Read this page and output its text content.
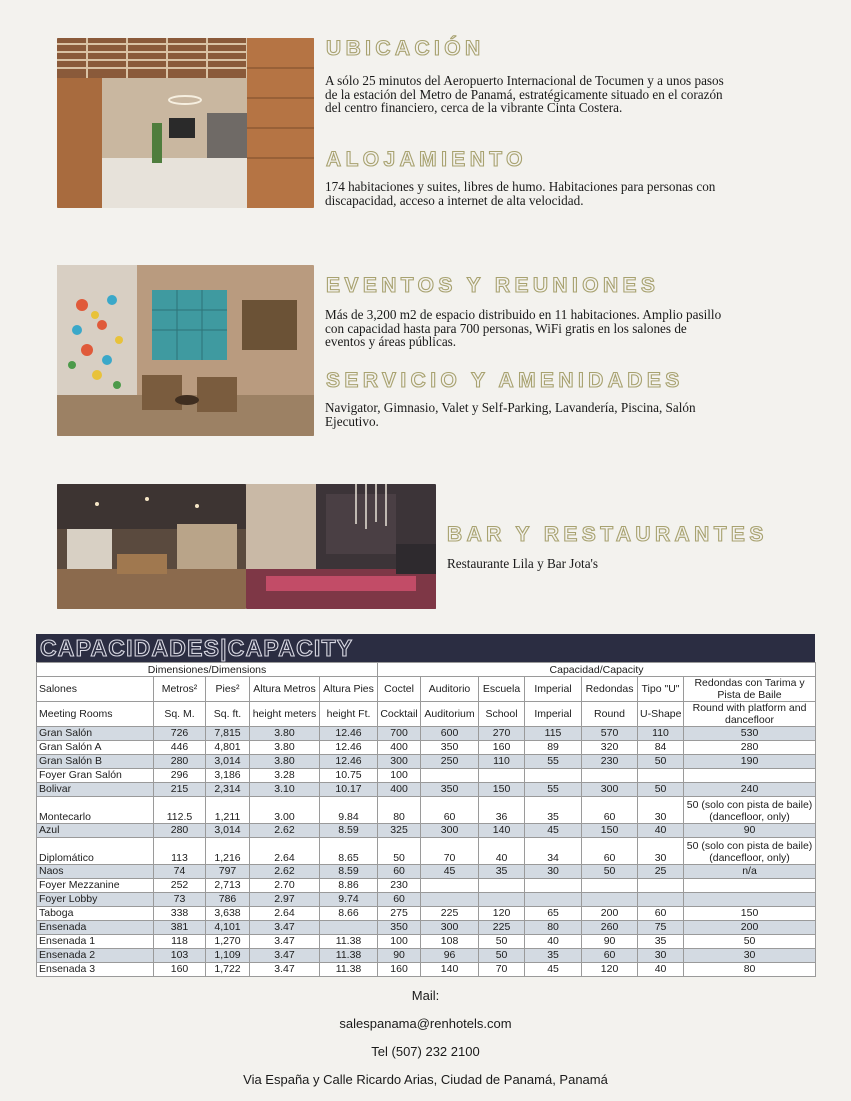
UBICACIÓN

A sólo 25 minutos del Aeropuerto Internacional de Tocumen y a unos pasos de la estación del Metro de Panamá, estratégicamente situado en el corazón del centro financiero, cerca de la vibrante Cinta Costera.

ALOJAMIENTO

174 habitaciones y suites, libres de humo. Habitaciones para personas con discapacidad, acceso a internet de alta velocidad.

EVENTOS Y REUNIONES

Más de 3,200 m2 de espacio distribuido en 11 habitaciones. Amplio pasillo con capacidad hasta para 700 personas, WiFi gratis en los salones de eventos y áreas públicas.

SERVICIO Y AMENIDADES

Navigator, Gimnasio, Valet y Self-Parking, Lavandería, Piscina, Salón Ejecutivo.

BAR Y RESTAURANTES

Restaurante Lila y Bar Jota's

CAPACIDADES|CAPACITY
Dimensiones/Dimensions					Capacidad/Capacity						
Salones	Metros²	Pies²	Altura Metros	Altura Pies	Coctel	Auditorio	Escuela	Imperial	Redondas	Tipo "U"	Redondas con Tarima y Pista de Baile
Meeting Rooms	Sq. M.	Sq. ft.	height meters	height Ft.	Cocktail	Auditorium	School	Imperial	Round	U-Shape	Round with platform and dancefloor
Gran Salón	726	7,815	3.80	12.46	700	600	270	115	570	110	530
Gran Salón A	446	4,801	3.80	12.46	400	350	160	89	320	84	280
Gran Salón B	280	3,014	3.80	12.46	300	250	110	55	230	50	190
Foyer Gran Salón	296	3,186	3.28	10.75	100						
Bolivar	215	2,314	3.10	10.17	400	350	150	55	300	50	240
Montecarlo	112.5	1,211	3.00	9.84	80	60	36	35	60	30	50 (solo con pista de baile)(dancefloor, only)
Azul	280	3,014	2.62	8.59	325	300	140	45	150	40	90
Diplomático	113	1,216	2.64	8.65	50	70	40	34	60	30	50 (solo con pista de baile)(dancefloor, only)
Naos	74	797	2.62	8.59	60	45	35	30	50	25	n/a
Foyer Mezzanine	252	2,713	2.70	8.86	230						
Foyer Lobby	73	786	2.97	9.74	60						
Taboga	338	3,638	2.64	8.66	275	225	120	65	200	60	150
Ensenada	381	4,101	3.47		350	300	225	80	260	75	200
Ensenada 1	118	1,270	3.47	11.38	100	108	50	40	90	35	50
Ensenada 2	103	1,109	3.47	11.38	90	96	50	35	60	30	30
Ensenada 3	160	1,722	3.47	11.38	160	140	70	45	120	40	80

Mail:

salespanama@renhotels.com

Tel (507) 232 2100

Via España y Calle Ricardo Arias, Ciudad de Panamá, Panamá
